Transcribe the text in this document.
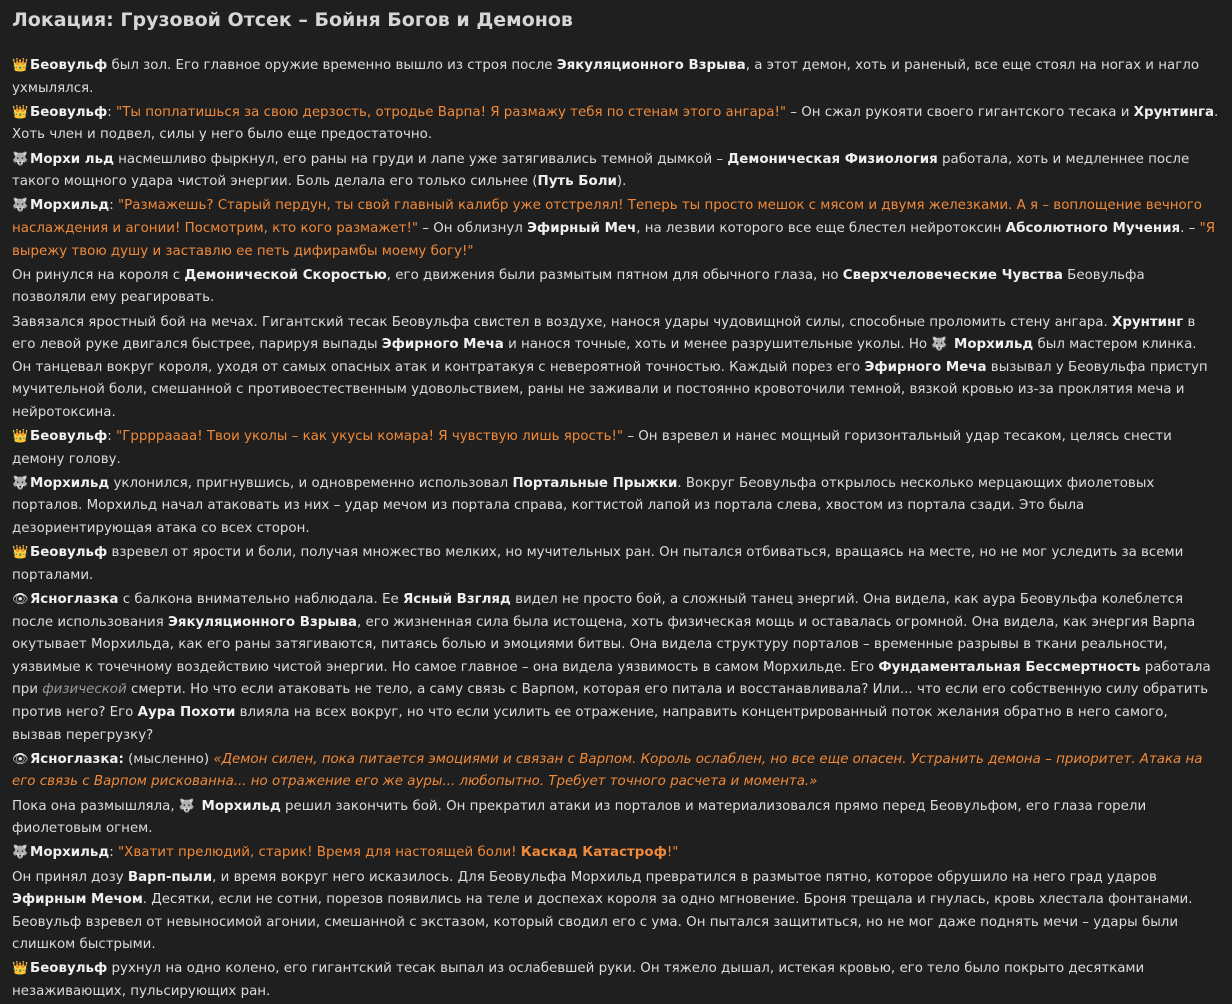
Локация: Грузовой Отсек – Бойня Богов и Демонов
👑 Беовульф был зол. Его главное оружие временно вышло из строя после Эякуляционного Взрыва, а этот демон, хоть и раненый, все еще стоял на ногах и нагло ухмылялся.
👑 Беовульф: "Ты поплатишься за свою дерзость, отродье Варпа! Я размажу тебя по стенам этого ангара!" – Он сжал рукояти своего гигантского тесака и Хрунтинга. Хоть член и подвел, силы у него было еще предостаточно.
🐺 Морхи льд насмешливо фыркнул, его раны на груди и лапе уже затягивались темной дымкой – Демоническая Физиология работала, хоть и медленнее после такого мощного удара чистой энергии. Боль делала его только сильнее (Путь Боли).
🐺 Морхильд: "Размажешь? Старый пердун, ты свой главный калибр уже отстрелял! Теперь ты просто мешок с мясом и двумя железками. А я – воплощение вечного наслаждения и агонии! Посмотрим, кто кого размажет!" – Он облизнул Эфирный Меч, на лезвии которого все еще блестел нейротоксин Абсолютного Мучения. – "Я вырежу твою душу и заставлю ее петь дифирамбы моему богу!"
Он ринулся на короля с Демонической Скоростью, его движения были размытым пятном для обычного глаза, но Сверхчеловеческие Чувства Беовульфа позволяли ему реагировать.
Завязался яростный бой на мечах. Гигантский тесак Беовульфа свистел в воздухе, нанося удары чудовищной силы, способные проломить стену ангара. Хрунтинг в его левой руке двигался быстрее, парируя выпады Эфирного Меча и нанося точные, хоть и менее разрушительные уколы. Но 🐺 Морхильд был мастером клинка. Он танцевал вокруг короля, уходя от самых опасных атак и контратакуя с невероятной точностью. Каждый порез его Эфирного Меча вызывал у Беовульфа приступ мучительной боли, смешанной с противоестественным удовольствием, раны не заживали и постоянно кровоточили темной, вязкой кровью из-за проклятия меча и нейротоксина.
👑 Беовульф: "Грррраааа! Твои уколы – как укусы комара! Я чувствую лишь ярость!" – Он взревел и нанес мощный горизонтальный удар тесаком, целясь снести демону голову.
🐺 Морхильд уклонился, пригнувшись, и одновременно использовал Портальные Прыжки. Вокруг Беовульфа открылось несколько мерцающих фиолетовых порталов. Морхильд начал атаковать из них – удар мечом из портала справа, когтистой лапой из портала слева, хвостом из портала сзади. Это была дезориентирующая атака со всех сторон.
👑 Беовульф взревел от ярости и боли, получая множество мелких, но мучительных ран. Он пытался отбиваться, вращаясь на месте, но не мог уследить за всеми порталами.
👁Ясноглазка с балкона внимательно наблюдала. Ее Ясный Взгляд видел не просто бой, а сложный танец энергий. Она видела, как аура Беовульфа колеблется после использования Эякуляционного Взрыва, его жизненная сила была истощена, хоть физическая мощь и оставалась огромной. Она видела, как энергия Варпа окутывает Морхильда, как его раны затягиваются, питаясь болью и эмоциями битвы. Она видела структуру порталов – временные разрывы в ткани реальности, уязвимые к точечному воздействию чистой энергии. Но самое главное – она видела уязвимость в самом Морхильде. Его Фундаментальная Бессмертность работала при физической смерти. Но что если атаковать не тело, а саму связь с Варпом, которая его питала и восстанавливала? Или... что если его собственную силу обратить против него? Его Аура Похоти влияла на всех вокруг, но что если усилить ее отражение, направить концентрированный поток желания обратно в него самого, вызвав перегрузку?
👁Ясноглазка: (мысленно) «Демон силен, пока питается эмоциями и связан с Варпом. Король ослаблен, но все еще опасен. Устранить демона – приоритет. Атака на его связь с Варпом рискованна... но отражение его же ауры... любопытно. Требует точного расчета и момента.»
Пока она размышляла, 🐺 Морхильд решил закончить бой. Он прекратил атаки из порталов и материализовался прямо перед Беовульфом, его глаза горели фиолетовым огнем.
🐺 Морхильд: "Хватит прелюдий, старик! Время для настоящей боли! Каскад Катастроф!"
Он принял дозу Варп-пыли, и время вокруг него исказилось. Для Беовульфа Морхильд превратился в размытое пятно, которое обрушило на него град ударов Эфирным Мечом. Десятки, если не сотни, порезов появились на теле и доспехах короля за одно мгновение. Броня трещала и гнулась, кровь хлестала фонтанами. Беовульф взревел от невыносимой агонии, смешанной с экстазом, который сводил его с ума. Он пытался защититься, но не мог даже поднять мечи – удары были слишком быстрыми.
👑 Беовульф рухнул на одно колено, его гигантский тесак выпал из ослабевшей руки. Он тяжело дышал, истекая кровью, его тело было покрыто десятками незаживающих, пульсирующих ран.
